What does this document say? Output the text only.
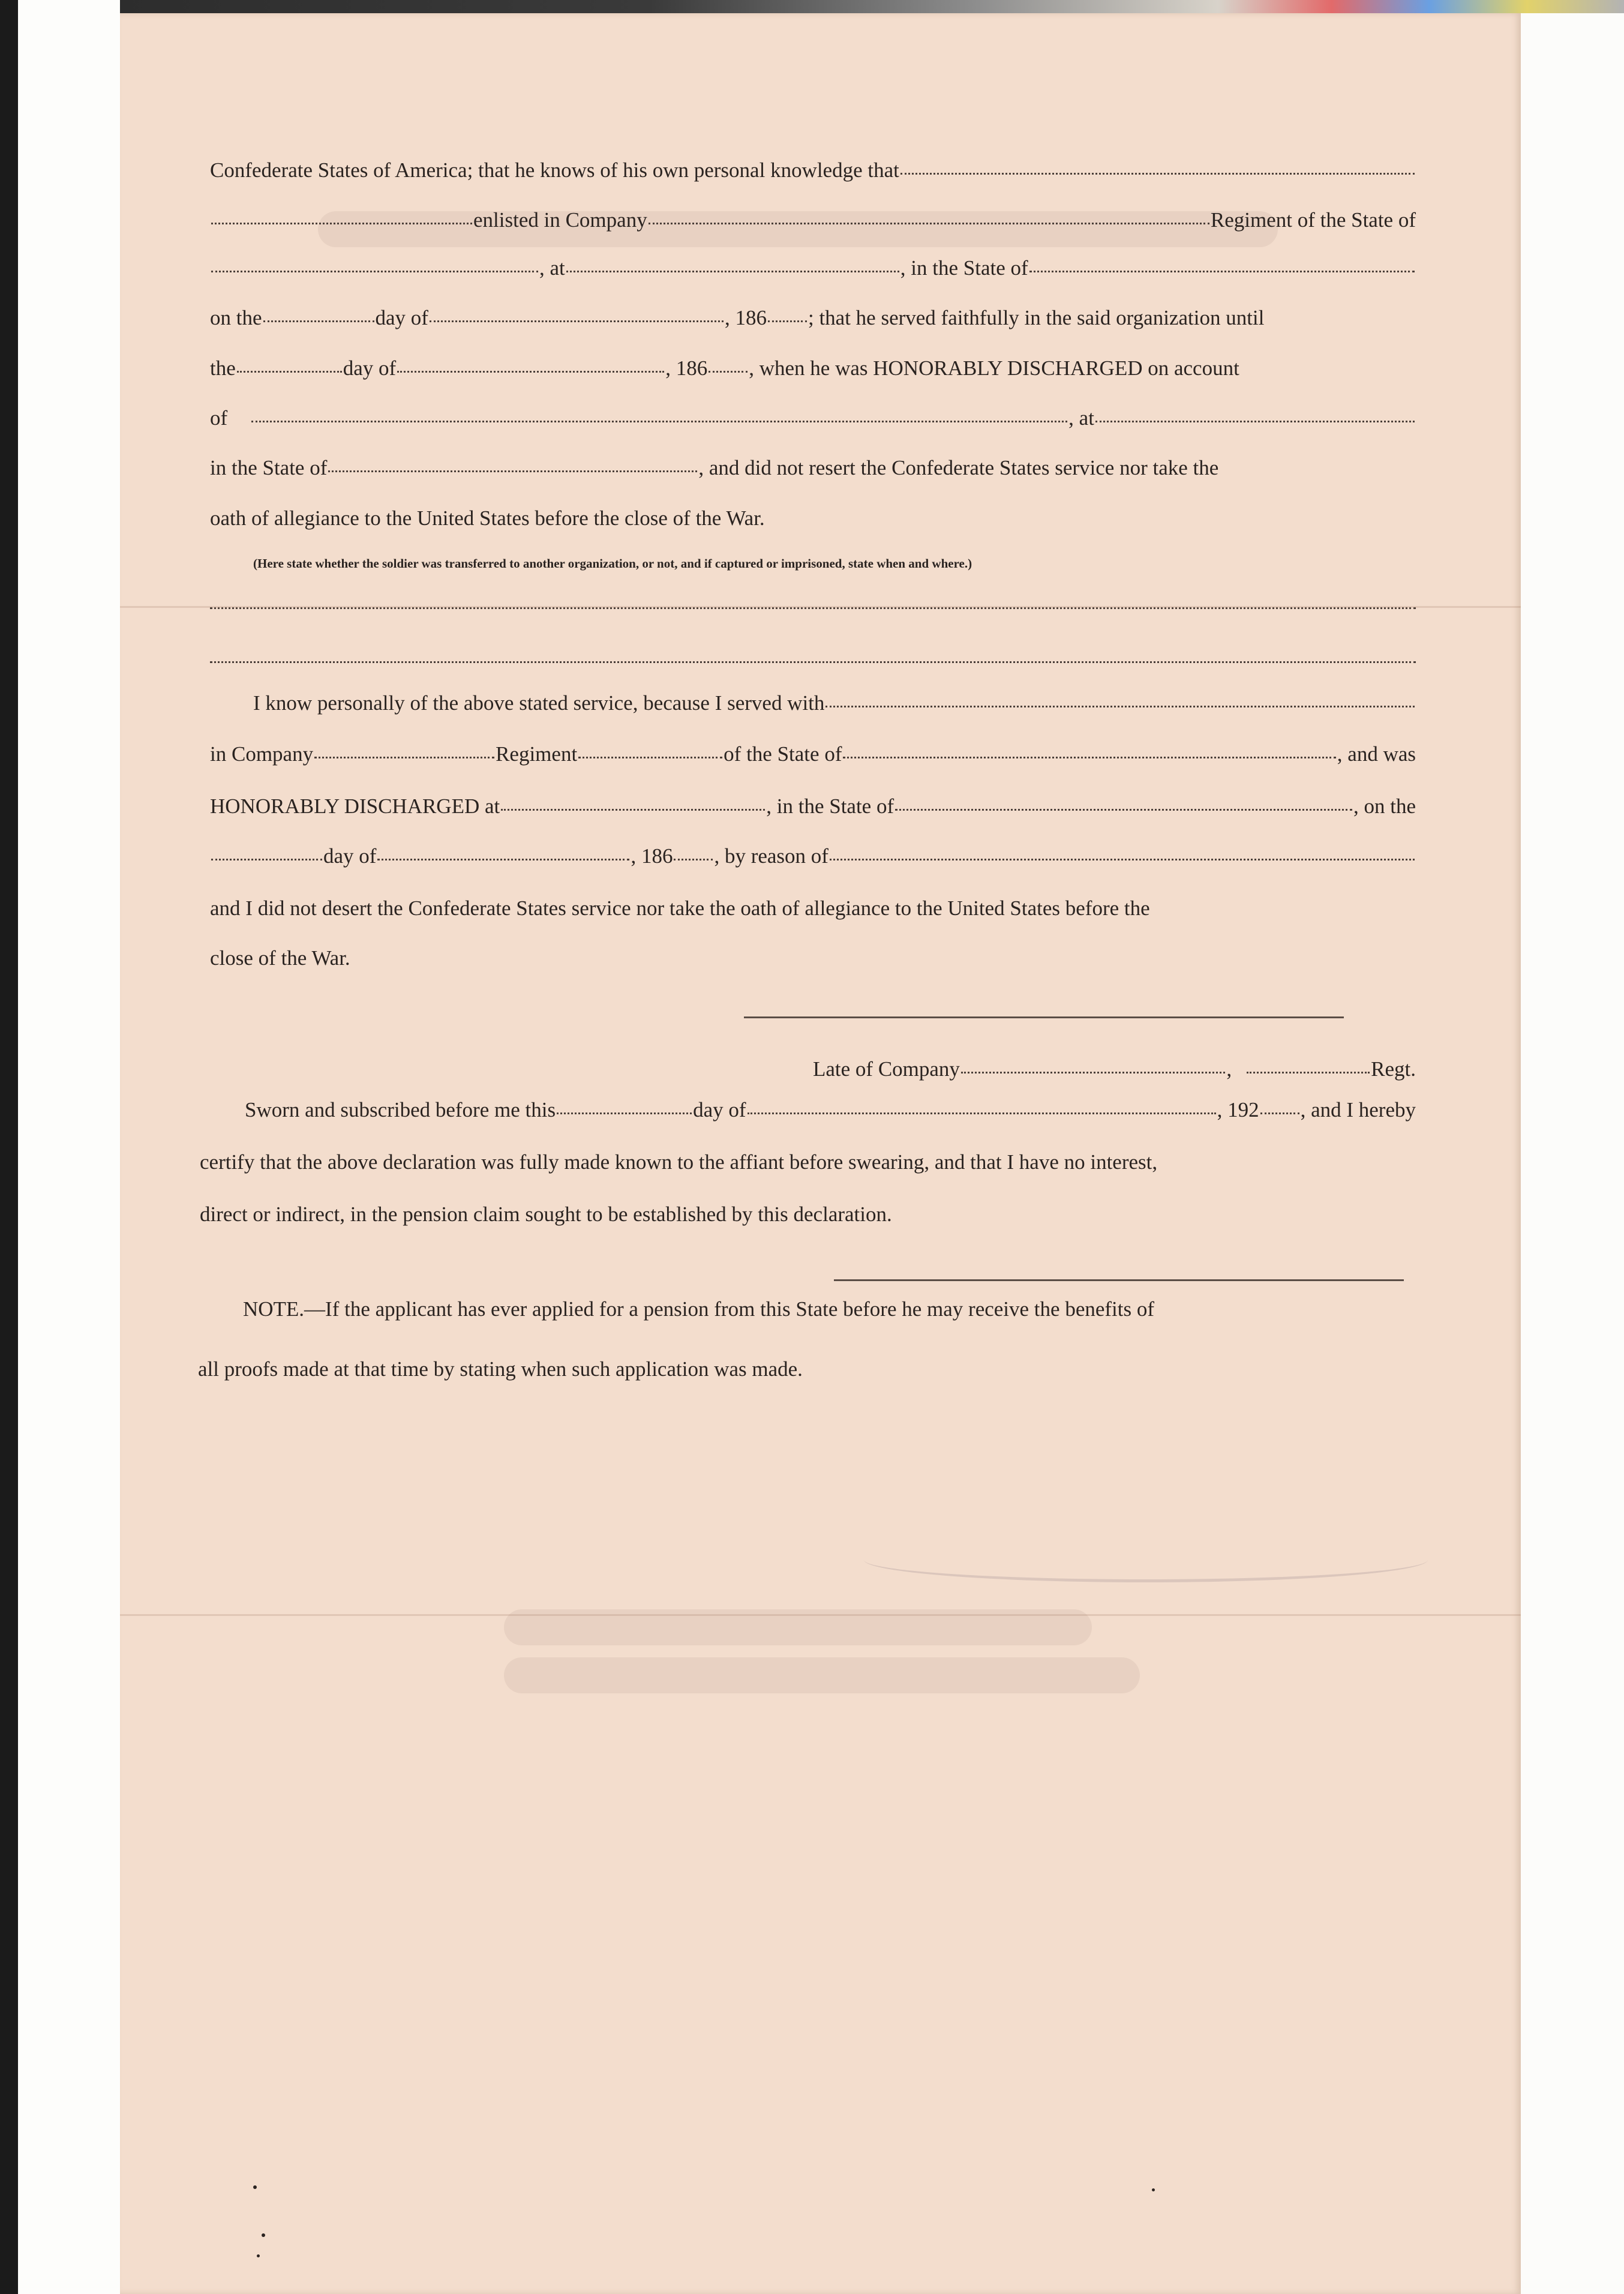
Confederate States of America; that he knows of his own personal knowledge that
enlisted in Company	Regiment of the State of
, at	, in the State of
on the	day of	, 186 ; that he served faithfully in the said organization until
the	day of	, 186 , when he was HONORABLY DISCHARGED on account
of	, at
in the State of	, and did not resert the Confederate States service nor take the
oath of allegiance to the United States before the close of the War.
(Here state whether the soldier was transferred to another organization, or not, and if captured or imprisoned, state when and where.)
I know personally of the above stated service, because I served with
in Company	Regiment	of the State of	, and was
HONORABLY DISCHARGED at	, in the State of	, on the
day of	, 186 , by reason of
and I did not desert the Confederate States service nor take the oath of allegiance to the United States before the
close of the War.
Late of Company	,	Regt.
Sworn and subscribed before me this	day of	, 192 , and I hereby
certify that the above declaration was fully made known to the affiant before swearing, and that I have no interest,
direct or indirect, in the pension claim sought to be established by this declaration.
NOTE.—If the applicant has ever applied for a pension from this State before he may receive the benefits of
all proofs made at that time by stating when such application was made.
